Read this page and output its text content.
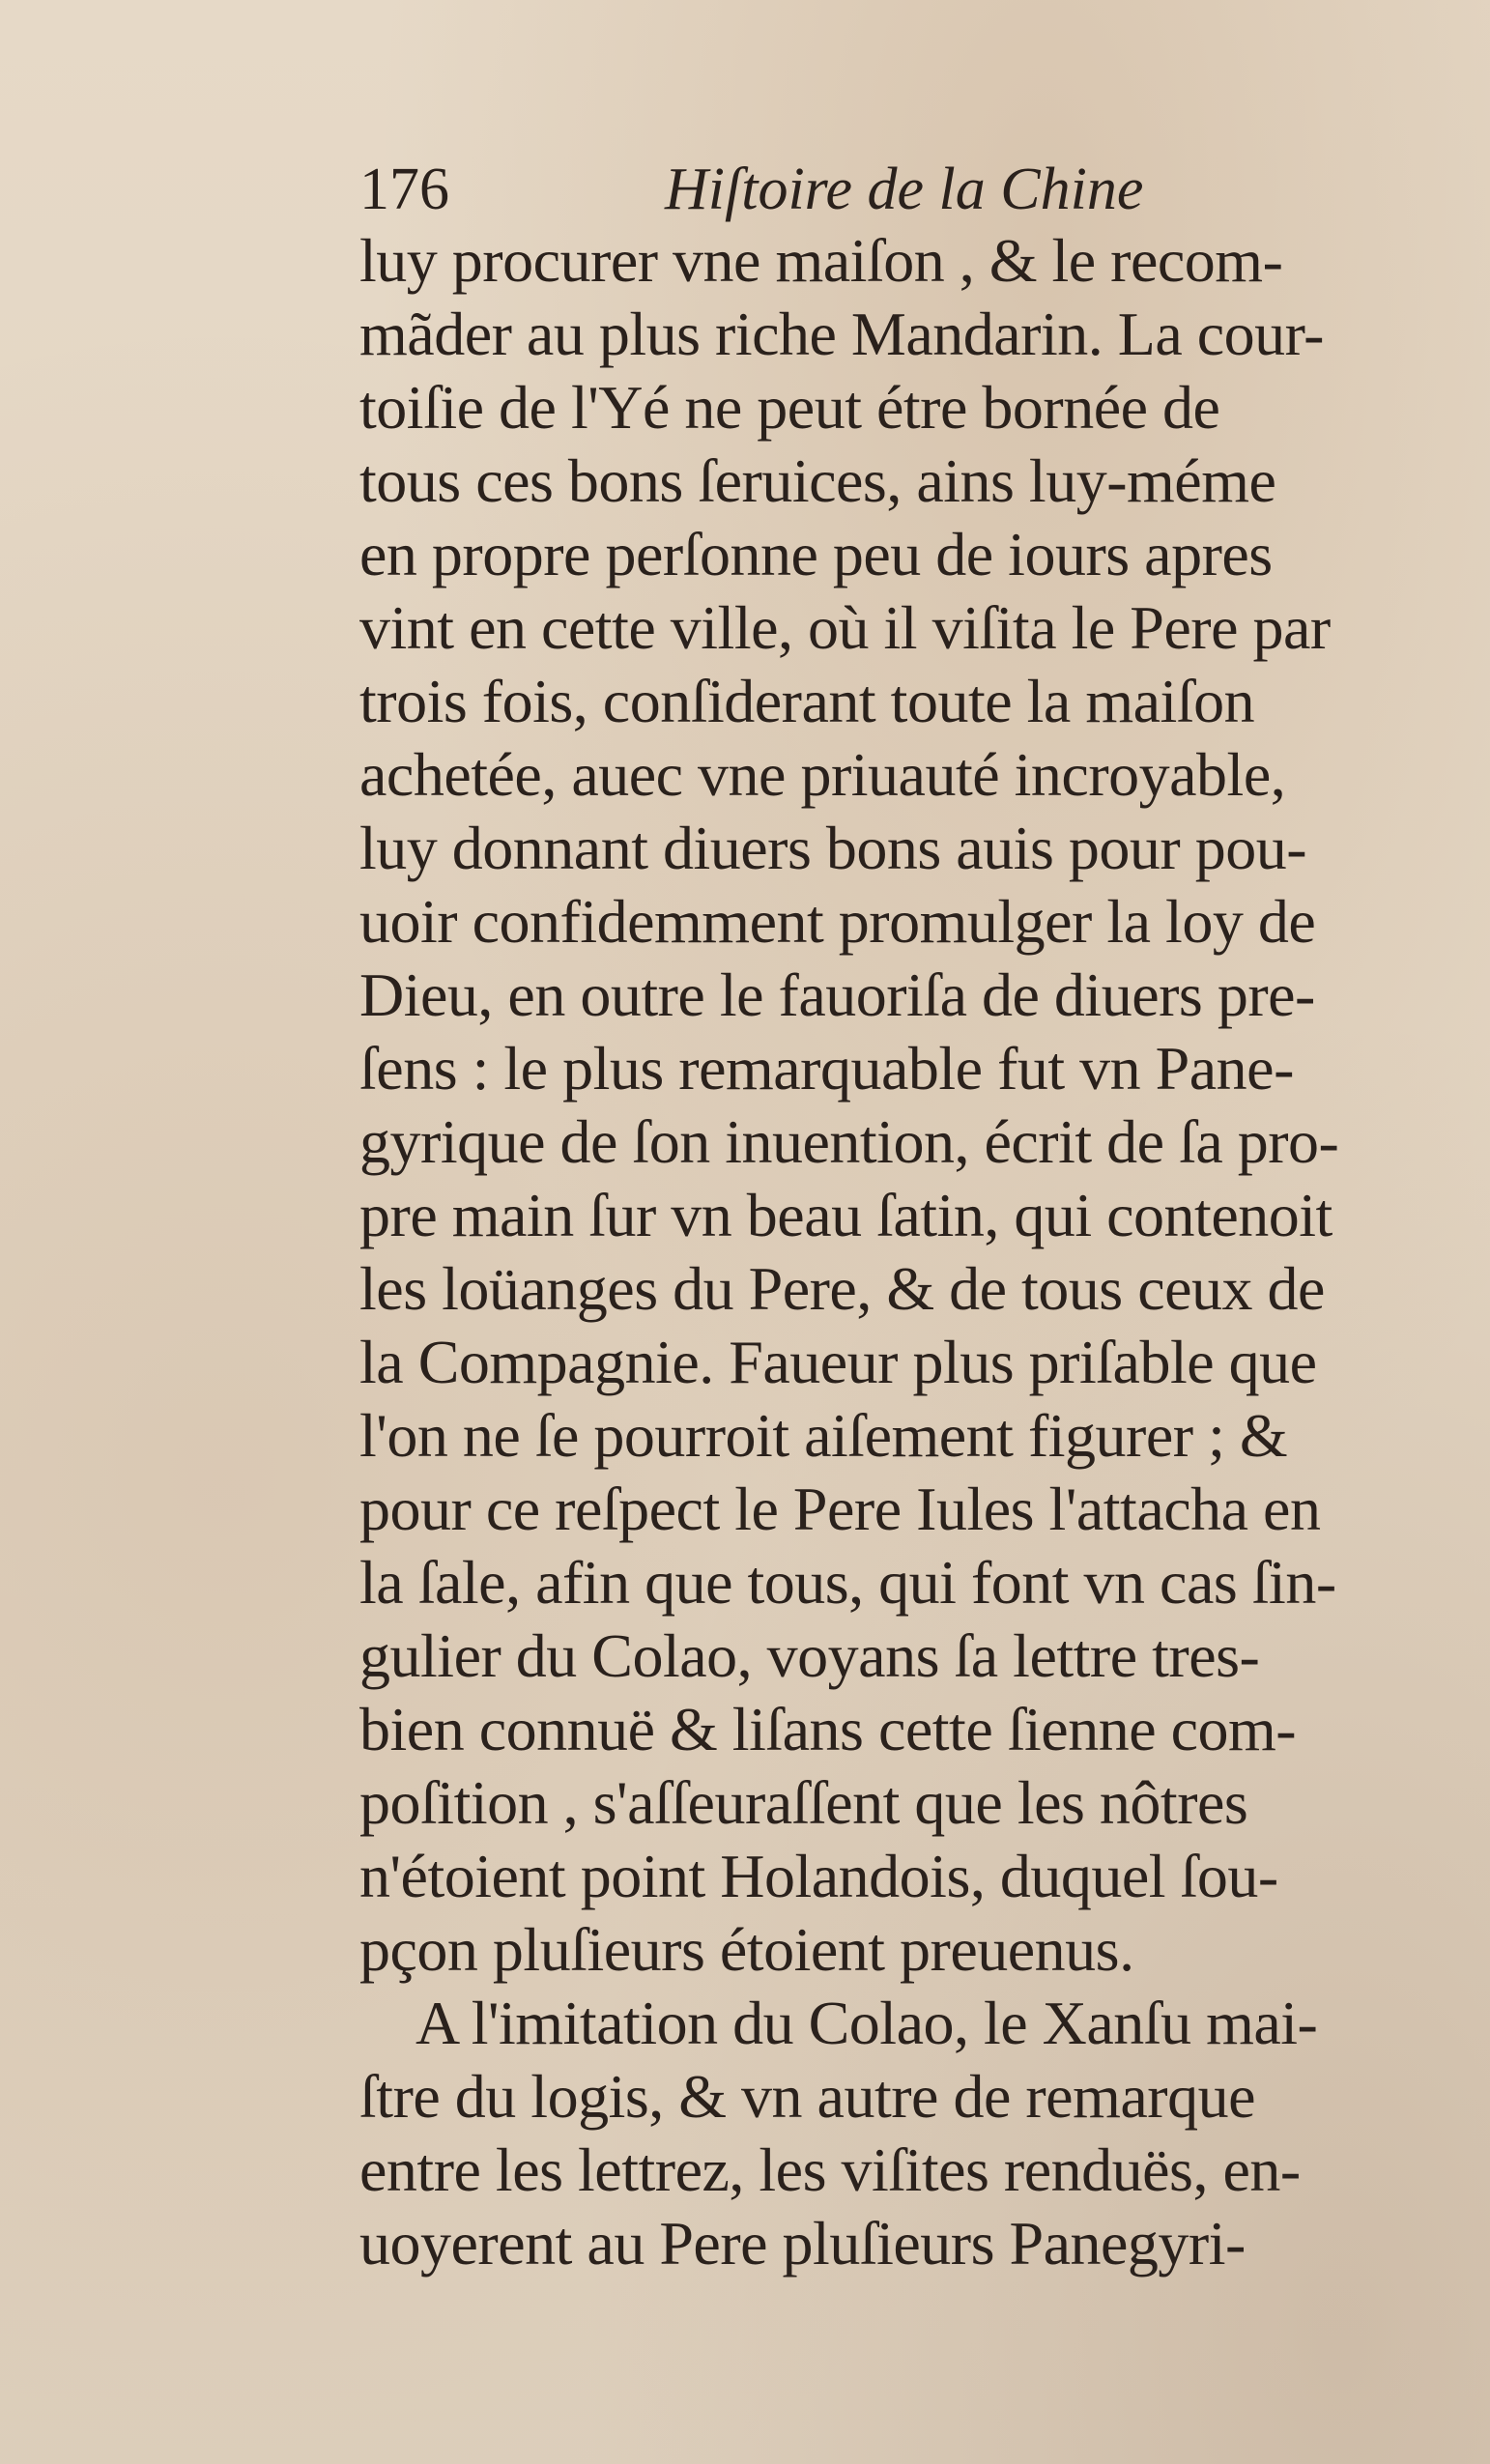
176	Hiſtoire de la Chine
luy procurer vne maiſon , & le recom-
mãder au plus riche Mandarin. La cour-
toiſie de l'Yé ne peut étre bornée de
tous ces bons ſeruices, ains luy-méme
en propre perſonne peu de iours apres
vint en cette ville, où il viſita le Pere par
trois fois, conſiderant toute la maiſon
achetée, auec vne priuauté incroyable,
luy donnant diuers bons auis pour pou-
uoir confidemment promulger la loy de
Dieu, en outre le fauoriſa de diuers pre-
ſens : le plus remarquable fut vn Pane-
gyrique de ſon inuention, écrit de ſa pro-
pre main ſur vn beau ſatin, qui contenoit
les loüanges du Pere, & de tous ceux de
la Compagnie. Faueur plus priſable que
l'on ne ſe pourroit aiſement figurer ; &
pour ce reſpect le Pere Iules l'attacha en
la ſale, afin que tous, qui font vn cas ſin-
gulier du Colao, voyans ſa lettre tres-
bien connuë & liſans cette ſienne com-
poſition , s'aſſeuraſſent que les nôtres
n'étoient point Holandois, duquel ſou-
pçon pluſieurs étoient preuenus.
A l'imitation du Colao, le Xanſu mai-
ſtre du logis, & vn autre de remarque
entre les lettrez, les viſites renduës, en-
uoyerent au Pere pluſieurs Panegyri-
